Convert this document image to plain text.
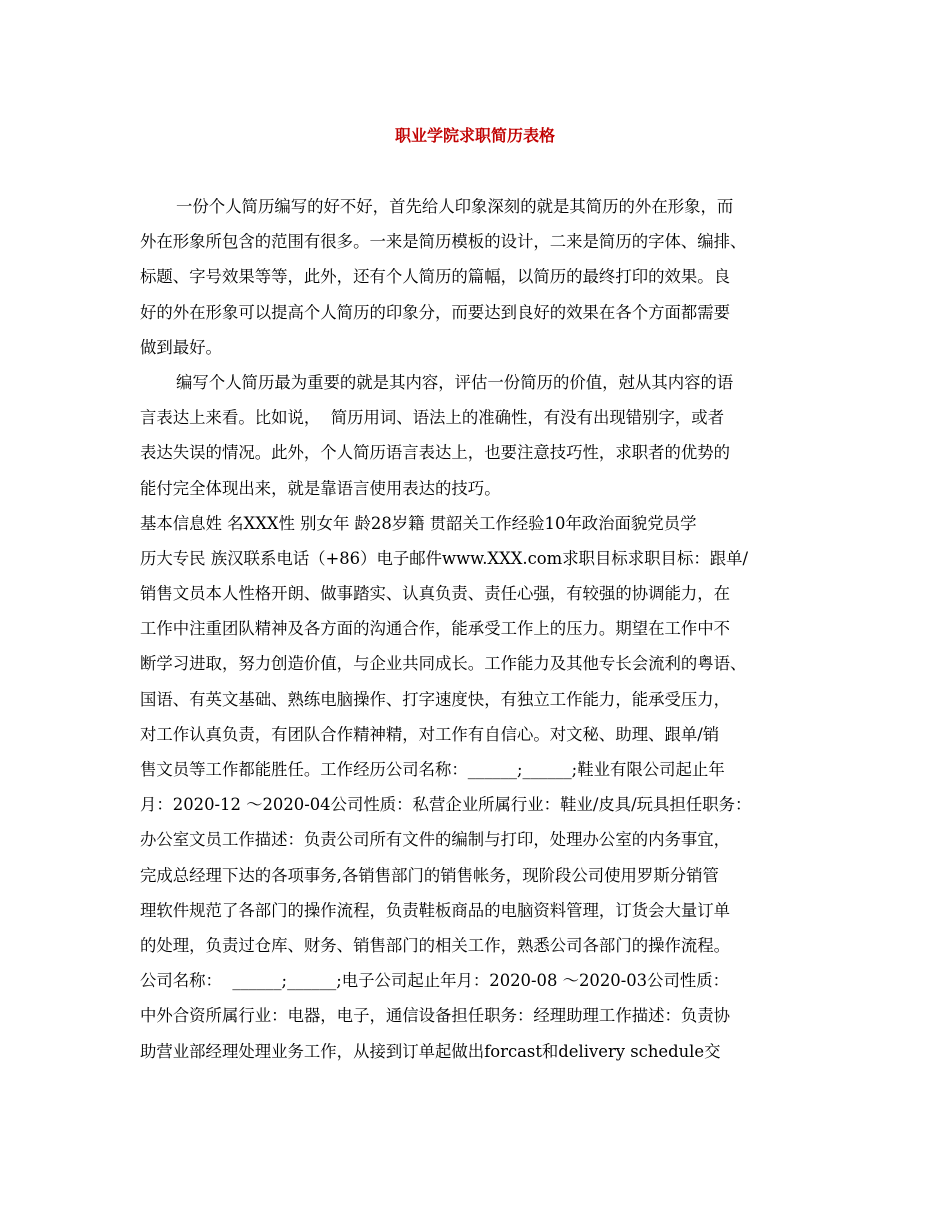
职业学院求职简历表格
一份个人简历编写的好不好，首先给人印象深刻的就是其简历的外在形象，而
外在形象所包含的范围有很多。一来是简历模板的设计，二来是简历的字体、编排、
标题、字号效果等等，此外，还有个人简历的篇幅，以简历的最终打印的效果。良
好的外在形象可以提高个人简历的印象分，而要达到良好的效果在各个方面都需要
做到最好。
编写个人简历最为重要的就是其内容，评估一份简历的价值，尅从其内容的语
言表达上来看。比如说，  简历用词、语法上的准确性，有没有出现错别字，或者
表达失误的情况。此外，个人简历语言表达上，也要注意技巧性，求职者的优势的
能付完全体现出来，就是靠语言使用表达的技巧。
基本信息姓 名XXX性 别女年 龄28岁籍 贯韶关工作经验10年政治面貌党员学
历大专民 族汉联系电话（+86）电子邮件www.XXX.com求职目标求职目标：跟单/
销售文员本人性格开朗、做事踏实、认真负责、责任心强，有较强的协调能力，在
工作中注重团队精神及各方面的沟通合作，能承受工作上的压力。期望在工作中不
断学习进取，努力创造价值，与企业共同成长。工作能力及其他专长会流利的粤语、
国语、有英文基础、熟练电脑操作、打字速度快，有独立工作能力，能承受压力，
对工作认真负责，有团队合作精神精，对工作有自信心。对文秘、助理、跟单/销
售文员等工作都能胜任。工作经历公司名称：______;______;鞋业有限公司起止年
月：2020-12 ～2020-04公司性质：私营企业所属行业：鞋业/皮具/玩具担任职务：
办公室文员工作描述：负责公司所有文件的编制与打印，处理办公室的内务事宜，
完成总经理下达的各项事务,各销售部门的销售帐务，现阶段公司使用罗斯分销管
理软件规范了各部门的操作流程，负责鞋板商品的电脑资料管理，订货会大量订单
的处理，负责过仓库、财务、销售部门的相关工作，熟悉公司各部门的操作流程。
公司名称：  ______;______;电子公司起止年月：2020-08 ～2020-03公司性质：
中外合资所属行业：电器，电子，通信设备担任职务：经理助理工作描述：负责协
助营业部经理处理业务工作，从接到订单起做出forcast和delivery schedule交
